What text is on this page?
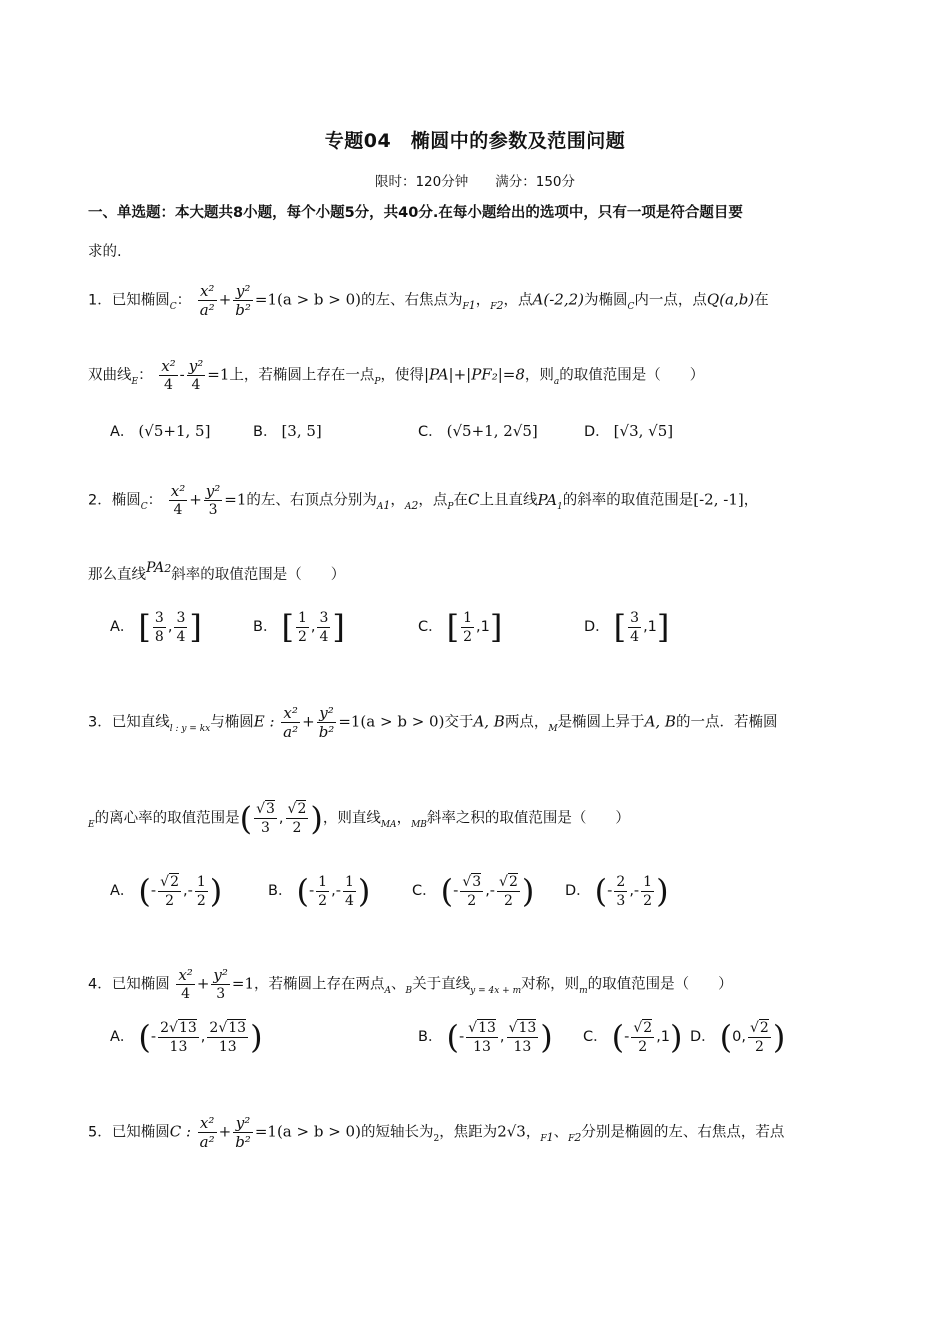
专题04　椭圆中的参数及范围问题
限时：120分钟　　满分：150分
一、单选题：本大题共8小题，每个小题5分，共40分.在每小题给出的选项中，只有一项是符合题目要
求的.
1．已知椭圆$_C$： $\frac{\text{x²}}{\text{a²}} + \frac{\text{y²}}{\text{b²}} =1(a > b > 0)$的左、右焦点为$_{F1}$，$_{F2}$，点A(-2,2)为椭圆$_C$内一点，点Q(a,b)在
双曲线$_E$： $\frac{\text{x²}}{4} - \frac{\text{y²}}{4} =1$上，若椭圆上存在一点$_P$，使得|PA|+|PF₂|=8，则$_a$的取值范围是（　　）
A． (√5+1, 5]	B． [3, 5]	C． (√5+1, 2√5]	D． [√3, √5]
2．椭圆$_C$： $\frac{\text{x²}}{4} + \frac{\text{y²}}{3} =1$的左、右顶点分别为$_{A1}$，$_{A2}$，点$_P$在C上且直线$PA_1$的斜率的取值范围是[-2, -1]，
那么直线PA2斜率的取值范围是（　　）
A． [ $\frac{3}{8}$ , $\frac{3}{4}$ ]	B． [ $\frac{1}{2}$ , $\frac{3}{4}$ ]	C． [ $\frac{1}{2} ,1$]	D． [ $\frac{3}{4} ,1$]
3．已知直线$_{l : y = kx}$与椭圆E : $\frac{\text{x²}}{\text{a²}} + \frac{\text{y²}}{\text{b²}} =1(a > b > 0)$交于A, B两点，$_M$是椭圆上异于A, B的一点．若椭圆
$_E$的离心率的取值范围是( $\frac{√3}{3}$ , $\frac{√2}{2}$ )，则直线$_{MA}$，$_{MB}$斜率之积的取值范围是（　　）
A． (- $\frac{√2}{2}$ ,- $\frac{1}{2}$ )	B． (- $\frac{1}{2}$ ,- $\frac{1}{4}$ )	C． (- $\frac{√3}{2}$ ,- $\frac{√2}{2}$ ) D． (- $\frac{2}{3}$ ,- $\frac{1}{2}$ )
4．已知椭圆 $\frac{\text{x²}}{4} + \frac{\text{y²}}{3} =1$，若椭圆上存在两点$_A$、$_B$关于直线$_{y = 4x + m}$对称，则$_m$的取值范围是（　　）
A． (- $\frac{2√13}{13}$ , $\frac{2√13}{13}$ )	B． (- $\frac{√13}{13}$ , $\frac{√13}{13}$ ) C． (- $\frac{√2}{2} ,1$) D． (0, $\frac{√2}{2}$ )
5．已知椭圆C : $\frac{\text{x²}}{\text{a²}} + \frac{\text{y²}}{\text{b²}} =1(a > b > 0)$的短轴长为$_2$，焦距为2√3，$_{F1}$、$_{F2}$分别是椭圆的左、右焦点，若点
